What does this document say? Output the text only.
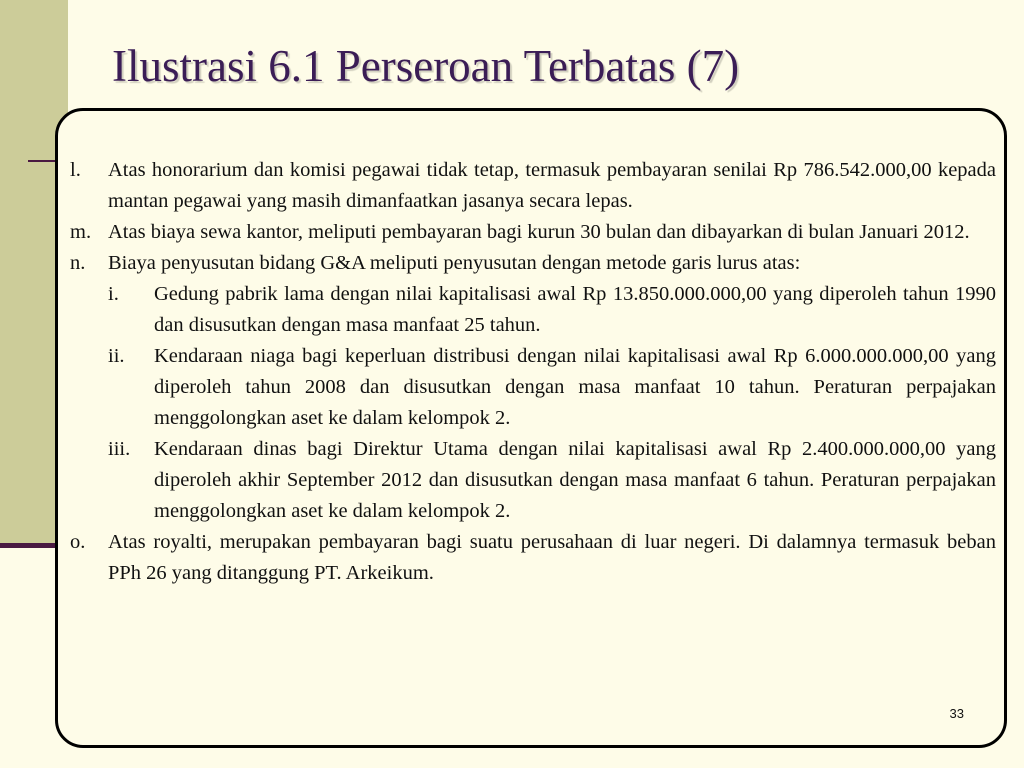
Ilustrasi 6.1 Perseroan Terbatas (7)
l. Atas honorarium dan komisi pegawai tidak tetap, termasuk pembayaran senilai Rp 786.542.000,00 kepada mantan pegawai yang masih dimanfaatkan jasanya secara lepas.
m. Atas biaya sewa kantor, meliputi pembayaran bagi kurun 30 bulan dan dibayarkan di bulan Januari 2012.
n. Biaya penyusutan bidang G&A meliputi penyusutan dengan metode garis lurus atas:
i. Gedung pabrik lama dengan nilai kapitalisasi awal Rp 13.850.000.000,00 yang diperoleh tahun 1990 dan disusutkan dengan masa manfaat 25 tahun.
ii. Kendaraan niaga bagi keperluan distribusi dengan nilai kapitalisasi awal Rp 6.000.000.000,00 yang diperoleh tahun 2008 dan disusutkan dengan masa manfaat 10 tahun. Peraturan perpajakan menggolongkan aset ke dalam kelompok 2.
iii. Kendaraan dinas bagi Direktur Utama dengan nilai kapitalisasi awal Rp 2.400.000.000,00 yang diperoleh akhir September 2012 dan disusutkan dengan masa manfaat 6 tahun. Peraturan perpajakan menggolongkan aset ke dalam kelompok 2.
o. Atas royalti, merupakan pembayaran bagi suatu perusahaan di luar negeri. Di dalamnya termasuk beban PPh 26 yang ditanggung PT. Arkeikum.
33
